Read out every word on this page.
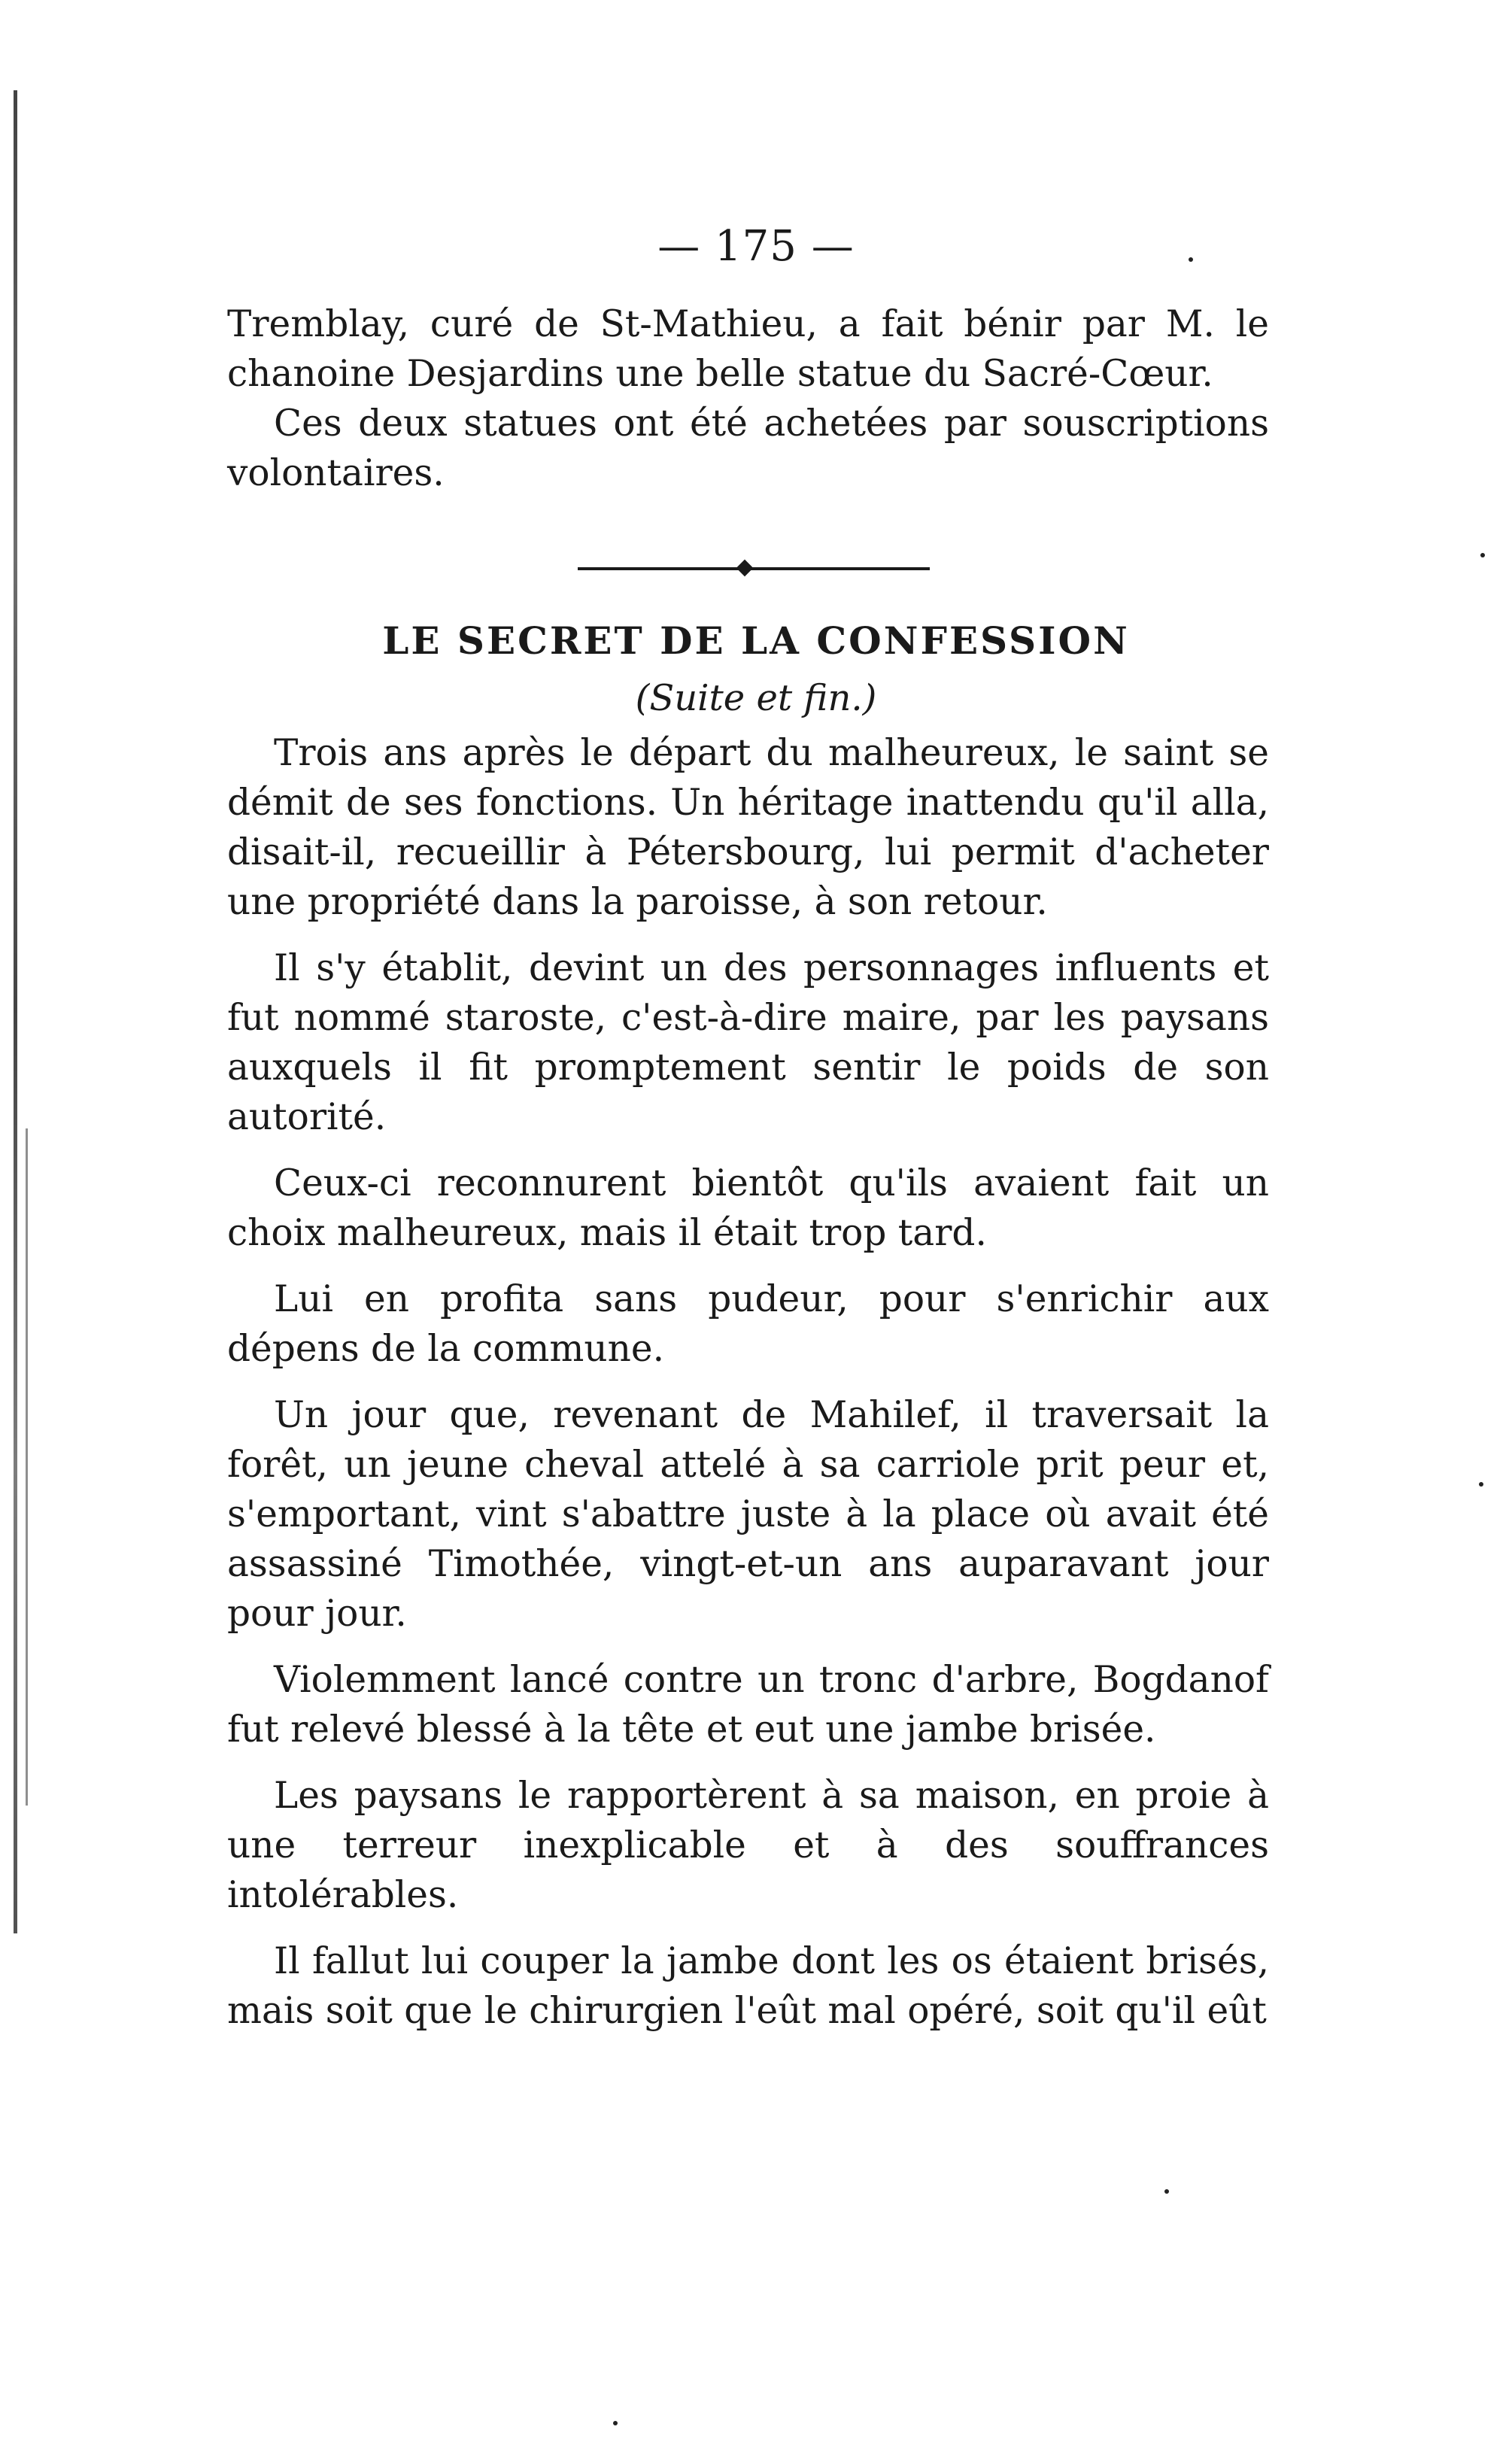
— 175 —

Tremblay, curé de St-Mathieu, a fait bénir par M. le chanoine Desjardins une belle statue du Sacré-Cœur.

Ces deux statues ont été achetées par souscriptions volontaires.

LE SECRET DE LA CONFESSION
(Suite et fin.)

Trois ans après le départ du malheureux, le saint se démit de ses fonctions. Un héritage inattendu qu'il alla, disait-il, recueillir à Pétersbourg, lui permit d'acheter une propriété dans la paroisse, à son retour.

Il s'y établit, devint un des personnages influents et fut nommé staroste, c'est-à-dire maire, par les paysans auxquels il fit promptement sentir le poids de son autorité.

Ceux-ci reconnurent bientôt qu'ils avaient fait un choix malheureux, mais il était trop tard.

Lui en profita sans pudeur, pour s'enrichir aux dépens de la commune.

Un jour que, revenant de Mahilef, il traversait la forêt, un jeune cheval attelé à sa carriole prit peur et, s'emportant, vint s'abattre juste à la place où avait été assassiné Timothée, vingt-et-un ans auparavant jour pour jour.

Violemment lancé contre un tronc d'arbre, Bogdanof fut relevé blessé à la tête et eut une jambe brisée.

Les paysans le rapportèrent à sa maison, en proie à une terreur inexplicable et à des souffrances intolérables.

Il fallut lui couper la jambe dont les os étaient brisés, mais soit que le chirurgien l'eût mal opéré, soit qu'il eût
